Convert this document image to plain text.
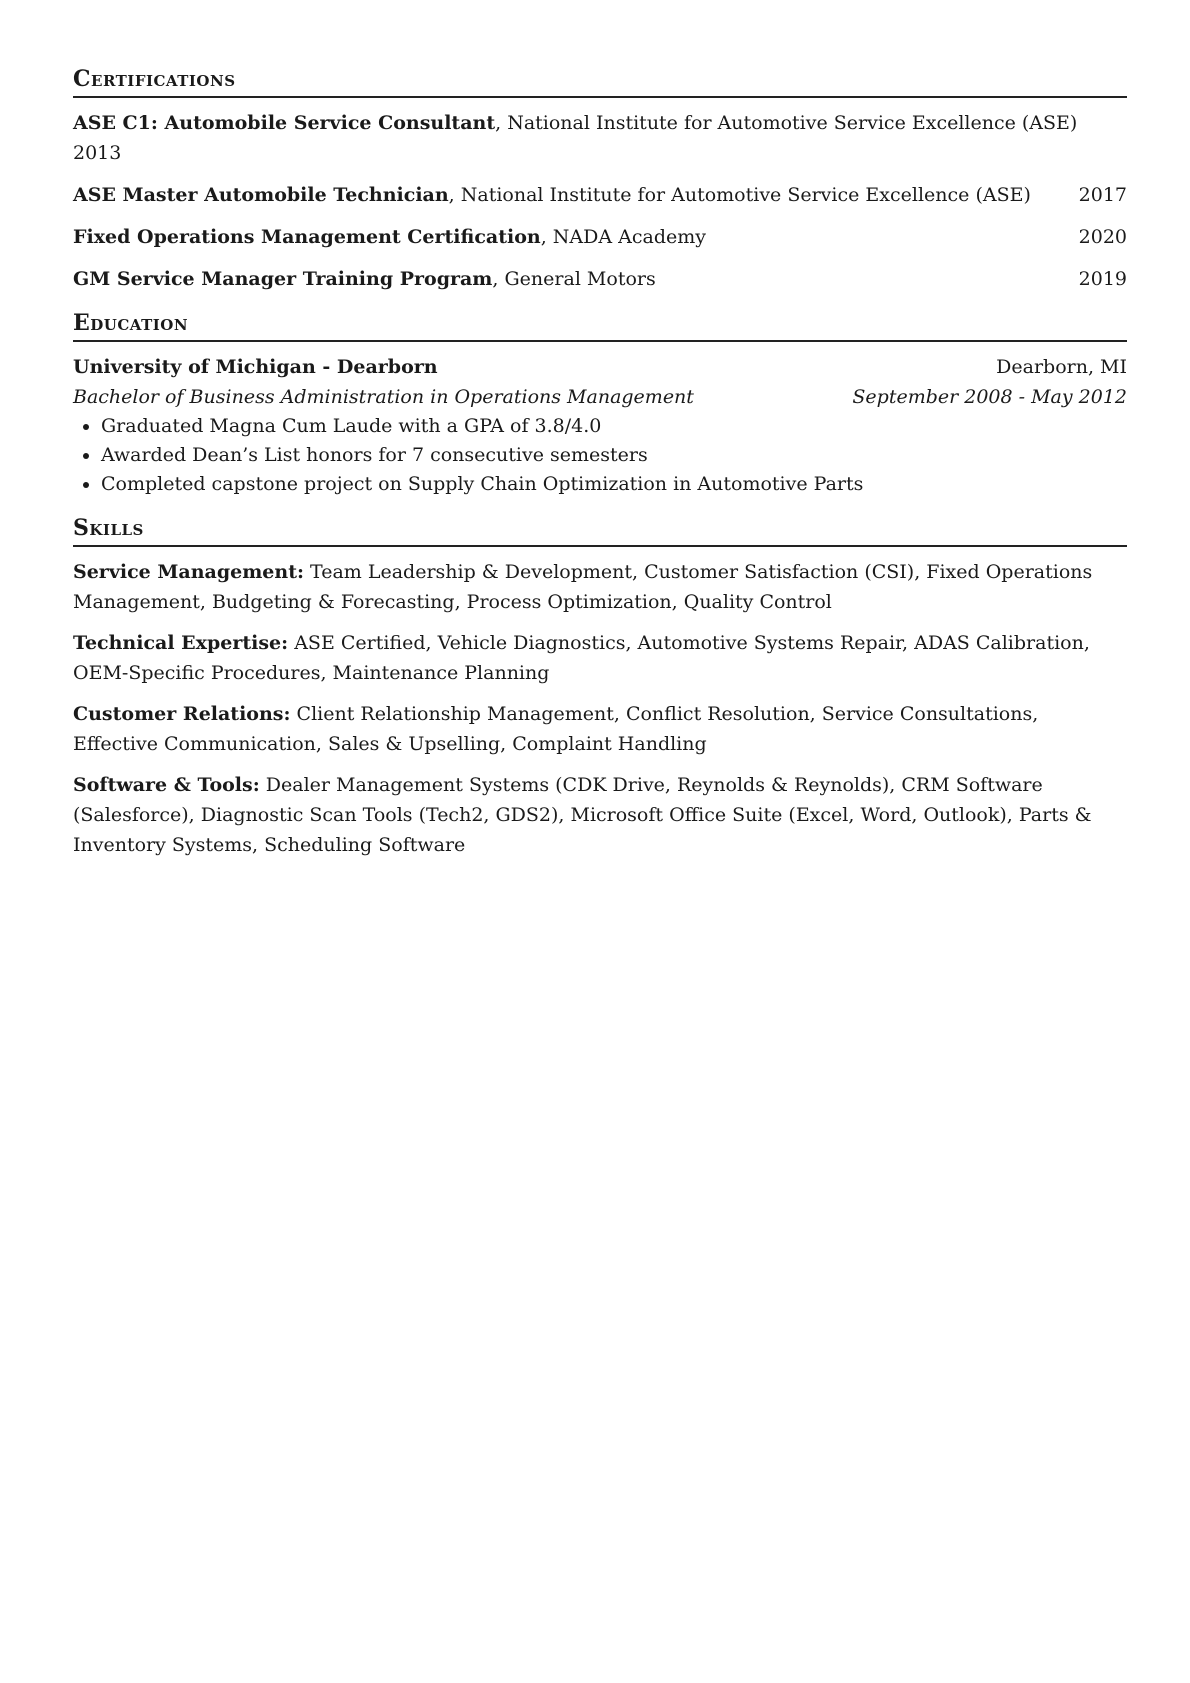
Certifications
ASE C1: Automobile Service Consultant, National Institute for Automotive Service Excellence (ASE)
2013
ASE Master Automobile Technician, National Institute for Automotive Service Excellence (ASE)	2017
Fixed Operations Management Certification, NADA Academy	2020
GM Service Manager Training Program, General Motors	2019
Education
University of Michigan - Dearborn	Dearborn, MI
Bachelor of Business Administration in Operations Management	September 2008 - May 2012
• Graduated Magna Cum Laude with a GPA of 3.8/4.0
• Awarded Dean’s List honors for 7 consecutive semesters
• Completed capstone project on Supply Chain Optimization in Automotive Parts
Skills
Service Management: Team Leadership & Development, Customer Satisfaction (CSI), Fixed Operations Management, Budgeting & Forecasting, Process Optimization, Quality Control
Technical Expertise: ASE Certified, Vehicle Diagnostics, Automotive Systems Repair, ADAS Calibration, OEM-Specific Procedures, Maintenance Planning
Customer Relations: Client Relationship Management, Conflict Resolution, Service Consultations, Effective Communication, Sales & Upselling, Complaint Handling
Software & Tools: Dealer Management Systems (CDK Drive, Reynolds & Reynolds), CRM Software (Salesforce), Diagnostic Scan Tools (Tech2, GDS2), Microsoft Office Suite (Excel, Word, Outlook), Parts & Inventory Systems, Scheduling Software
